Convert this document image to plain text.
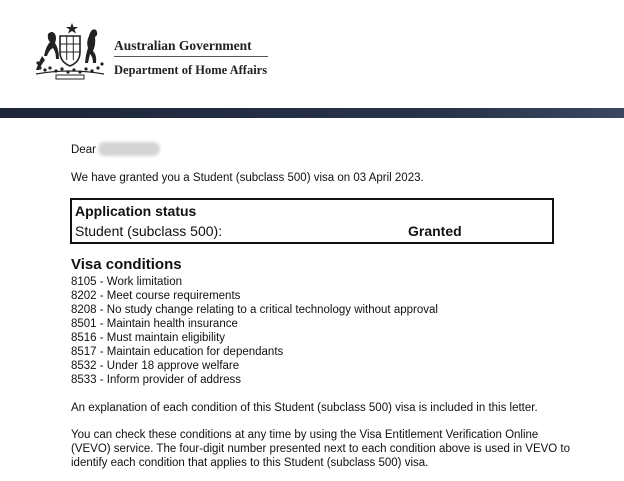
Australian Government
Department of Home Affairs
Dear
We have granted you a Student (subclass 500) visa on 03 April 2023.
Application status
Student (subclass 500):	Granted
Visa conditions
8105 - Work limitation
8202 - Meet course requirements
8208 - No study change relating to a critical technology without approval
8501 - Maintain health insurance
8516 - Must maintain eligibility
8517 - Maintain education for dependants
8532 - Under 18 approve welfare
8533 - Inform provider of address
An explanation of each condition of this Student (subclass 500) visa is included in this letter.
You can check these conditions at any time by using the Visa Entitlement Verification Online (VEVO) service. The four-digit number presented next to each condition above is used in VEVO to identify each condition that applies to this Student (subclass 500) visa.
